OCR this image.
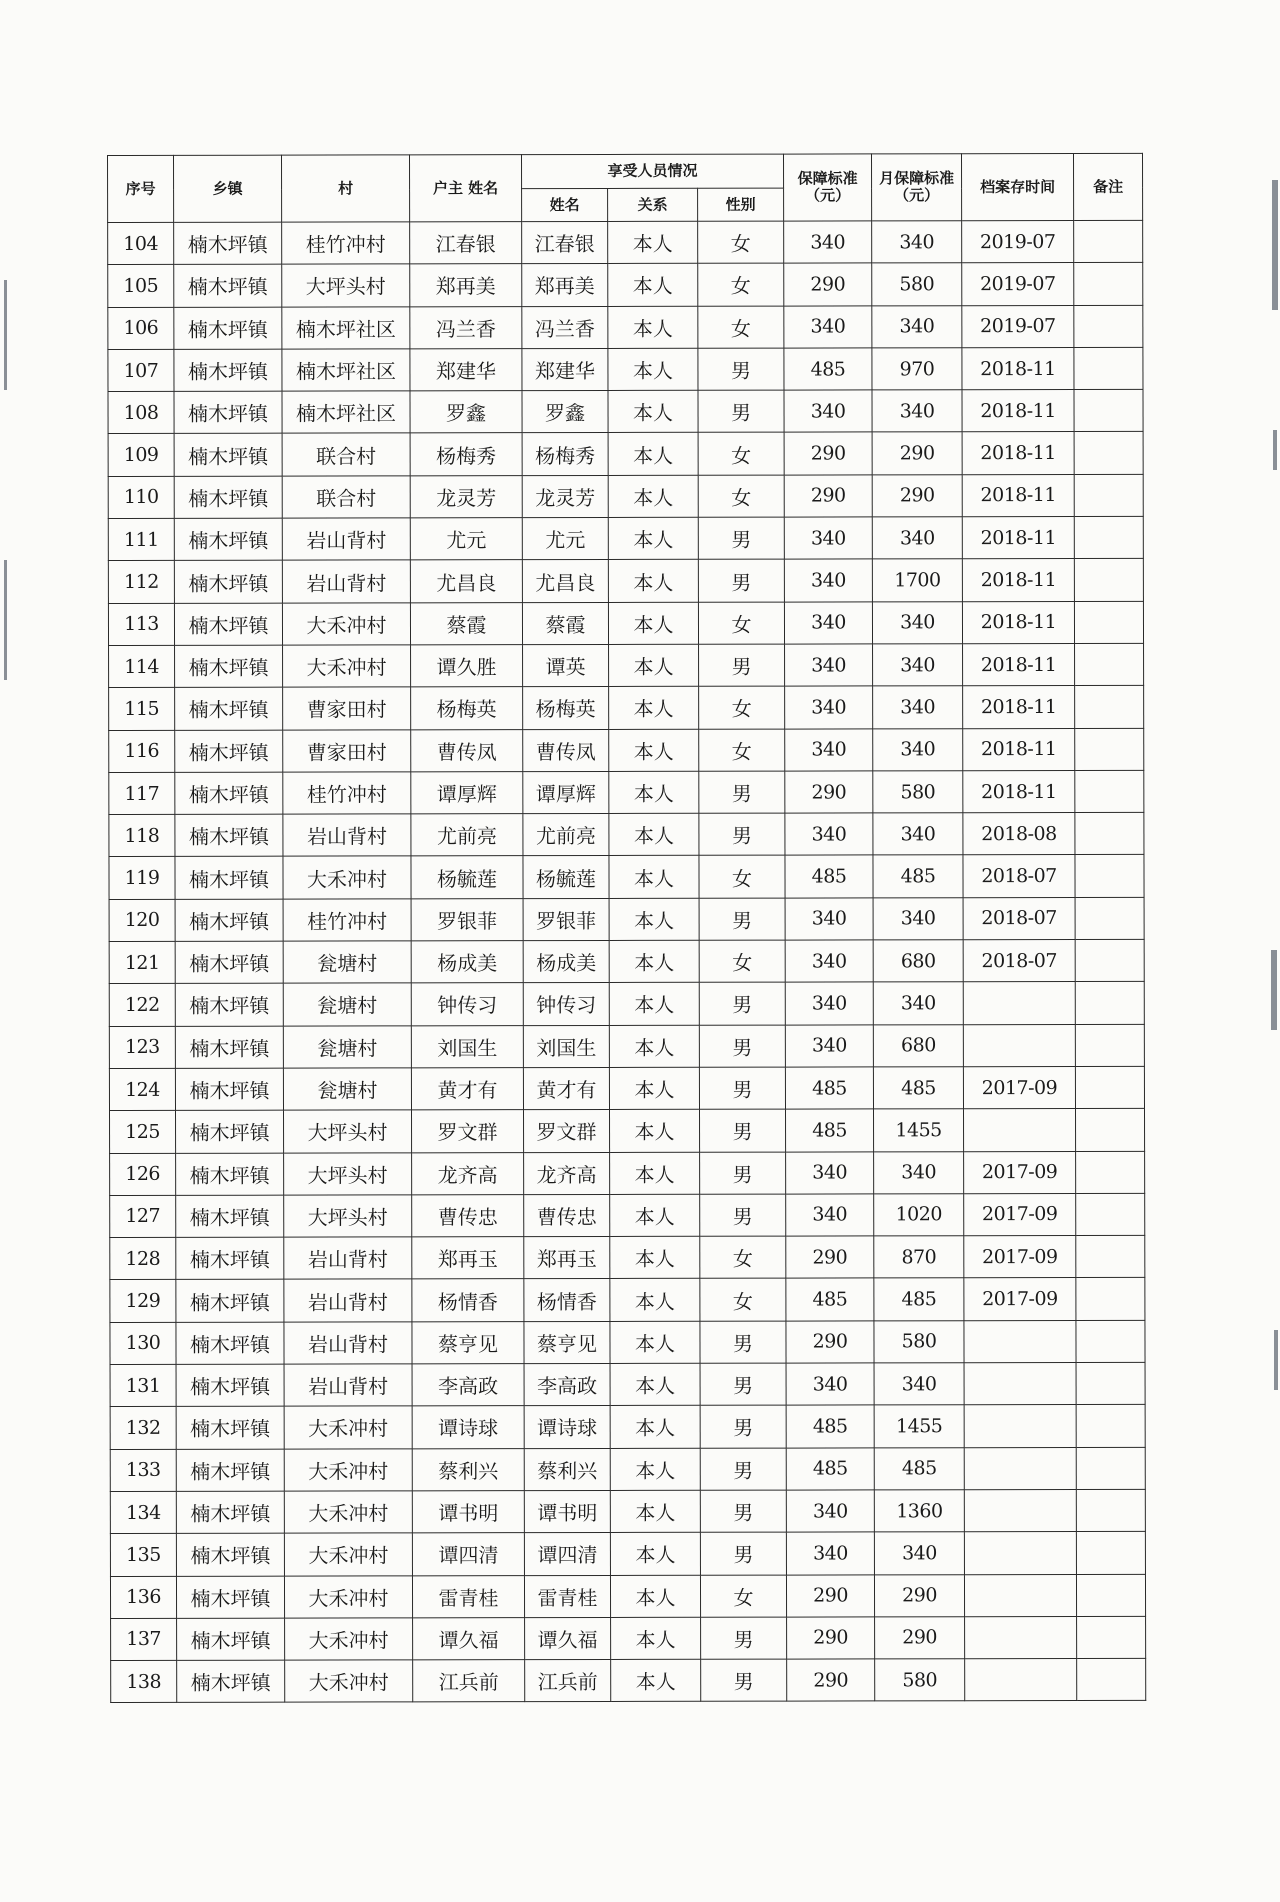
序号	乡镇	村	户主 姓名	享受人员情况			保障标准 （元）	月保障标准 （元）	档案存时间	备注
				姓名	关系	性别				
104	楠木坪镇	桂竹冲村	江春银	江春银	本人	女	340	340	2019-07	
105	楠木坪镇	大坪头村	郑再美	郑再美	本人	女	290	580	2019-07	
106	楠木坪镇	楠木坪社区	冯兰香	冯兰香	本人	女	340	340	2019-07	
107	楠木坪镇	楠木坪社区	郑建华	郑建华	本人	男	485	970	2018-11	
108	楠木坪镇	楠木坪社区	罗鑫	罗鑫	本人	男	340	340	2018-11	
109	楠木坪镇	联合村	杨梅秀	杨梅秀	本人	女	290	290	2018-11	
110	楠木坪镇	联合村	龙灵芳	龙灵芳	本人	女	290	290	2018-11	
111	楠木坪镇	岩山背村	尤元	尤元	本人	男	340	340	2018-11	
112	楠木坪镇	岩山背村	尤昌良	尤昌良	本人	男	340	1700	2018-11	
113	楠木坪镇	大禾冲村	蔡霞	蔡霞	本人	女	340	340	2018-11	
114	楠木坪镇	大禾冲村	谭久胜	谭英	本人	男	340	340	2018-11	
115	楠木坪镇	曹家田村	杨梅英	杨梅英	本人	女	340	340	2018-11	
116	楠木坪镇	曹家田村	曹传凤	曹传凤	本人	女	340	340	2018-11	
117	楠木坪镇	桂竹冲村	谭厚辉	谭厚辉	本人	男	290	580	2018-11	
118	楠木坪镇	岩山背村	尤前亮	尤前亮	本人	男	340	340	2018-08	
119	楠木坪镇	大禾冲村	杨毓莲	杨毓莲	本人	女	485	485	2018-07	
120	楠木坪镇	桂竹冲村	罗银菲	罗银菲	本人	男	340	340	2018-07	
121	楠木坪镇	瓮塘村	杨成美	杨成美	本人	女	340	680	2018-07	
122	楠木坪镇	瓮塘村	钟传习	钟传习	本人	男	340	340		
123	楠木坪镇	瓮塘村	刘国生	刘国生	本人	男	340	680		
124	楠木坪镇	瓮塘村	黄才有	黄才有	本人	男	485	485	2017-09	
125	楠木坪镇	大坪头村	罗文群	罗文群	本人	男	485	1455		
126	楠木坪镇	大坪头村	龙齐高	龙齐高	本人	男	340	340	2017-09	
127	楠木坪镇	大坪头村	曹传忠	曹传忠	本人	男	340	1020	2017-09	
128	楠木坪镇	岩山背村	郑再玉	郑再玉	本人	女	290	870	2017-09	
129	楠木坪镇	岩山背村	杨情香	杨情香	本人	女	485	485	2017-09	
130	楠木坪镇	岩山背村	蔡亨见	蔡亨见	本人	男	290	580		
131	楠木坪镇	岩山背村	李高政	李高政	本人	男	340	340		
132	楠木坪镇	大禾冲村	谭诗球	谭诗球	本人	男	485	1455		
133	楠木坪镇	大禾冲村	蔡利兴	蔡利兴	本人	男	485	485		
134	楠木坪镇	大禾冲村	谭书明	谭书明	本人	男	340	1360		
135	楠木坪镇	大禾冲村	谭四清	谭四清	本人	男	340	340		
136	楠木坪镇	大禾冲村	雷青桂	雷青桂	本人	女	290	290		
137	楠木坪镇	大禾冲村	谭久福	谭久福	本人	男	290	290		
138	楠木坪镇	大禾冲村	江兵前	江兵前	本人	男	290	580		
